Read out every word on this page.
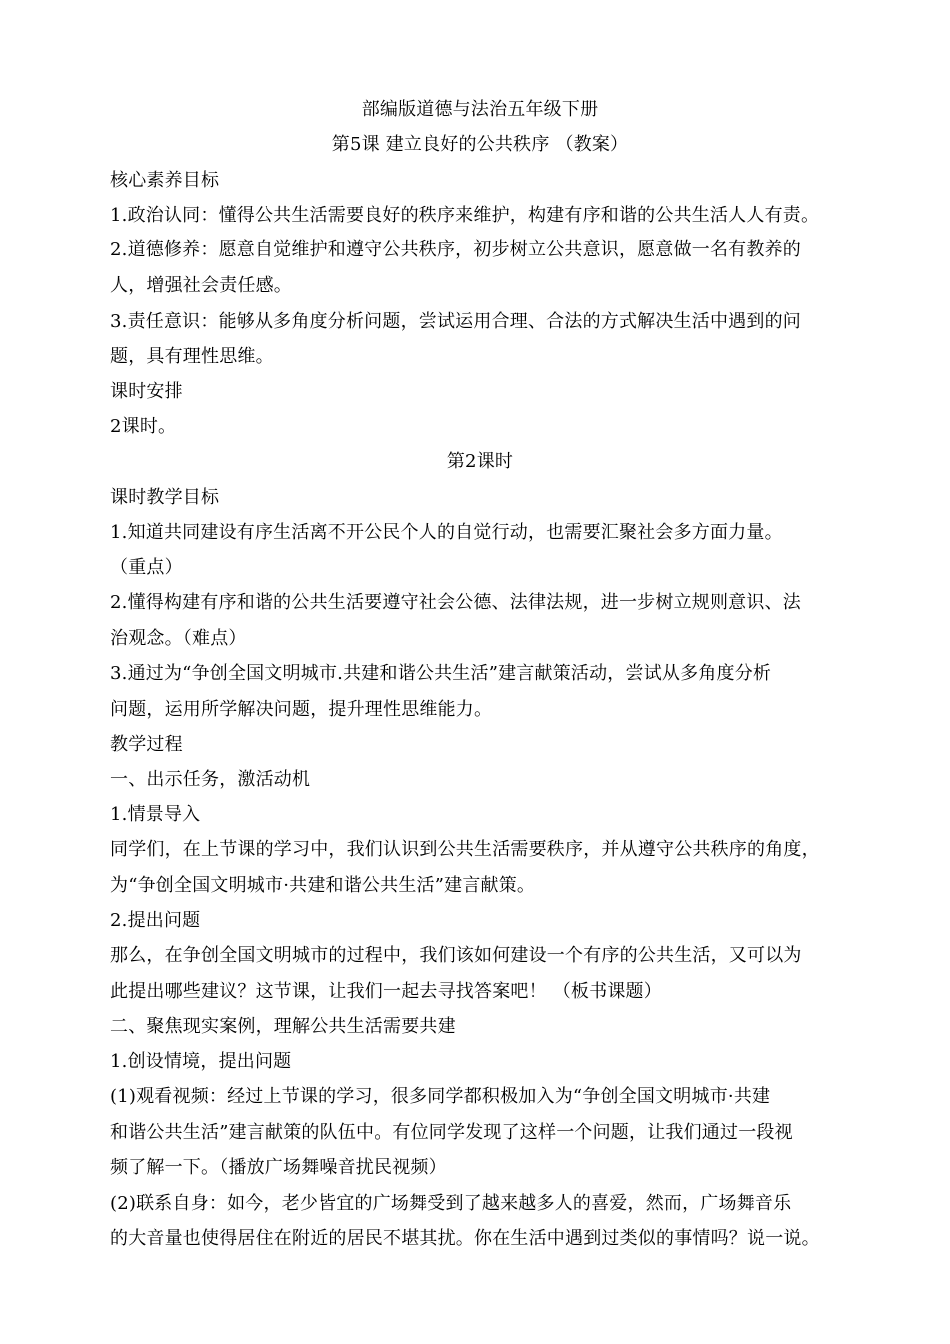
部编版道德与法治五年级下册
第5课 建立良好的公共秩序 （教案）
核心素养目标
1.政治认同：懂得公共生活需要良好的秩序来维护，构建有序和谐的公共生活人人有责。
2.道德修养：愿意自觉维护和遵守公共秩序，初步树立公共意识，愿意做一名有教养的
人，增强社会责任感。
3.责任意识：能够从多角度分析问题，尝试运用合理、合法的方式解决生活中遇到的问
题，具有理性思维。
课时安排
2课时。
第2课时
课时教学目标
1.知道共同建设有序生活离不开公民个人的自觉行动，也需要汇聚社会多方面力量。
（重点）
2.懂得构建有序和谐的公共生活要遵守社会公德、法律法规，进一步树立规则意识、法
治观念。（难点）
3.通过为“争创全国文明城市.共建和谐公共生活”建言献策活动，尝试从多角度分析
问题，运用所学解决问题，提升理性思维能力。
教学过程
一、出示任务，激活动机
1.情景导入
同学们，在上节课的学习中，我们认识到公共生活需要秩序，并从遵守公共秩序的角度，
为“争创全国文明城市·共建和谐公共生活”建言献策。
2.提出问题
那么，在争创全国文明城市的过程中，我们该如何建设一个有序的公共生活，又可以为
此提出哪些建议？这节课，让我们一起去寻找答案吧！ （板书课题）
二、聚焦现实案例，理解公共生活需要共建
1.创设情境，提出问题
(1)观看视频：经过上节课的学习，很多同学都积极加入为“争创全国文明城市·共建
和谐公共生活”建言献策的队伍中。有位同学发现了这样一个问题，让我们通过一段视
频了解一下。（播放广场舞噪音扰民视频）
(2)联系自身：如今，老少皆宜的广场舞受到了越来越多人的喜爱，然而，广场舞音乐
的大音量也使得居住在附近的居民不堪其扰。你在生活中遇到过类似的事情吗？说一说。
